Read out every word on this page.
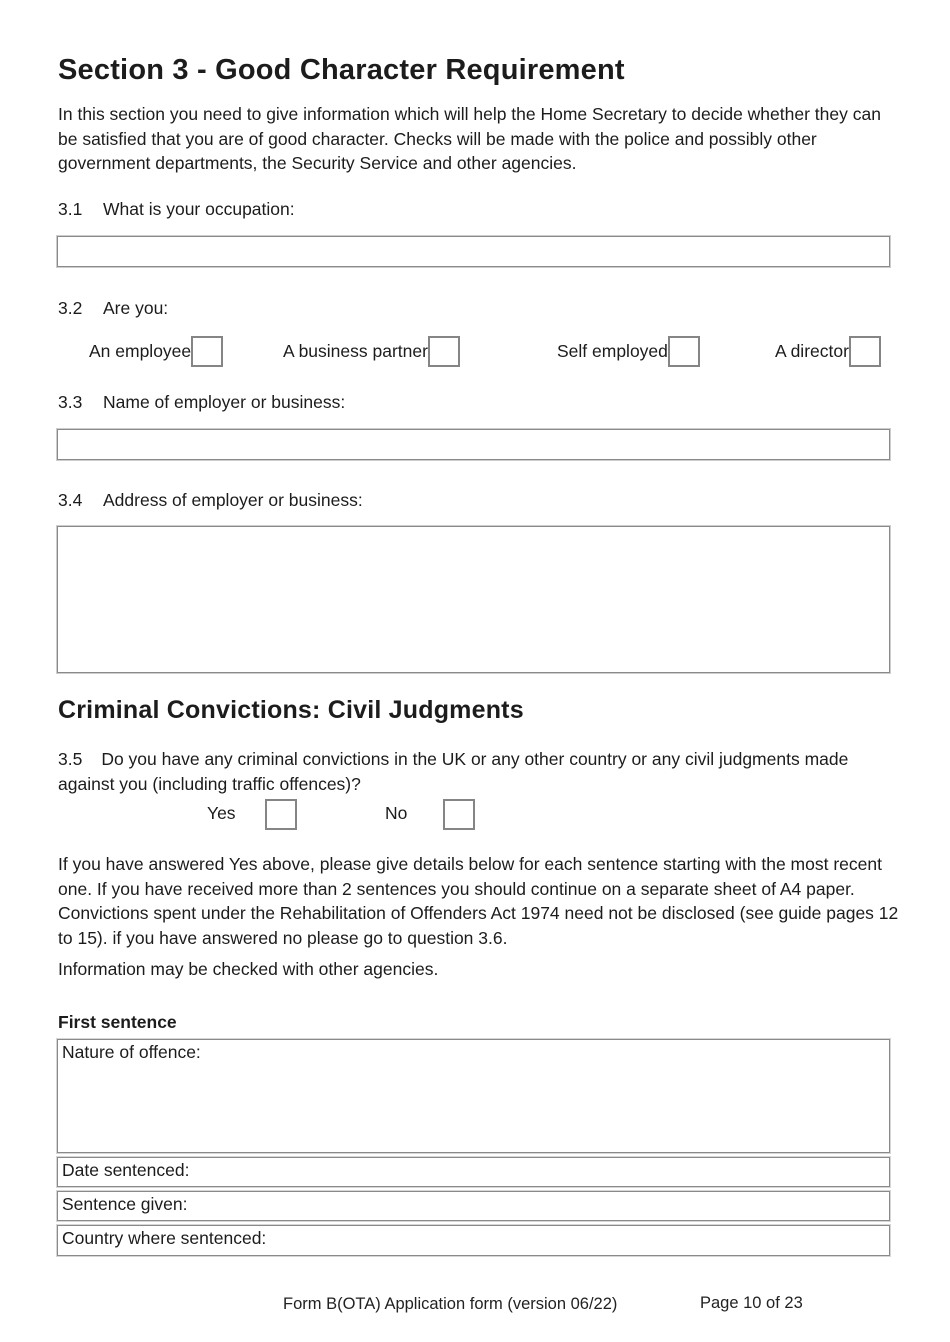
Section 3 - Good Character Requirement
In this section you need to give information which will help the Home Secretary to decide whether they can be satisfied that you are of good character. Checks will be made with the police and possibly other government departments, the Security Service and other agencies.
3.1 What is your occupation:
3.2 Are you:
An employee	A business partner	Self employed	A director
3.3 Name of employer or business:
3.4 Address of employer or business:
Criminal Convictions: Civil Judgments
3.5 Do you have any criminal convictions in the UK or any other country or any civil judgments made against you (including traffic offences)?
Yes	No
If you have answered Yes above, please give details below for each sentence starting with the most recent one. If you have received more than 2 sentences you should continue on a separate sheet of A4 paper. Convictions spent under the Rehabilitation of Offenders Act 1974 need not be disclosed (see guide pages 12 to 15). if you have answered no please go to question 3.6.
Information may be checked with other agencies.
First sentence
Nature of offence:
Date sentenced:
Sentence given:
Country where sentenced:
Form B(OTA) Application form (version 06/22)	Page 10 of 23
